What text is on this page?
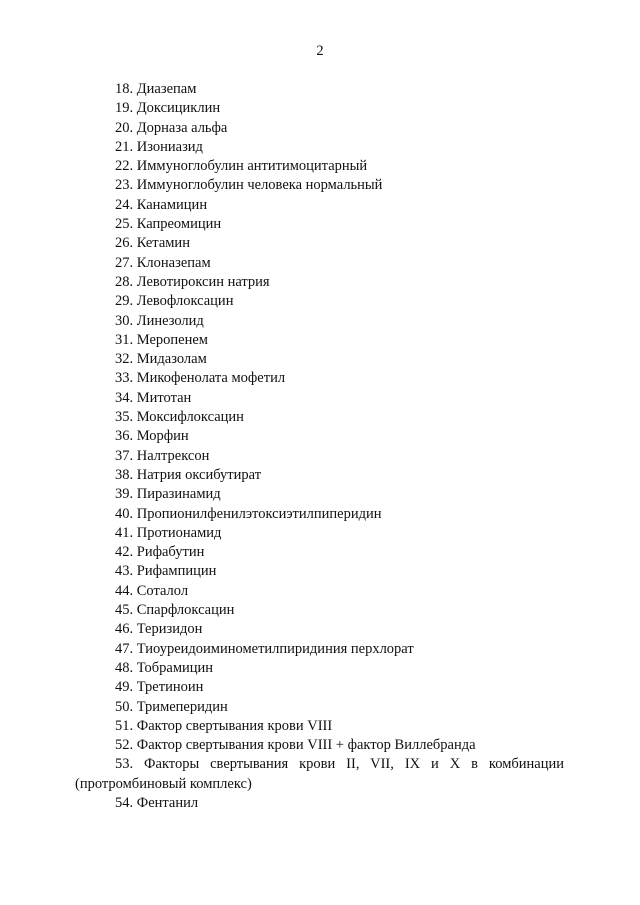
2
18. Диазепам
19. Доксициклин
20. Дорназа альфа
21. Изониазид
22. Иммуноглобулин антитимоцитарный
23. Иммуноглобулин человека нормальный
24. Канамицин
25. Капреомицин
26. Кетамин
27. Клоназепам
28. Левотироксин натрия
29. Левофлоксацин
30. Линезолид
31. Меропенем
32. Мидазолам
33. Микофенолата мофетил
34. Митотан
35. Моксифлоксацин
36. Морфин
37. Налтрексон
38. Натрия оксибутират
39. Пиразинамид
40. Пропионилфенилэтоксиэтилпиперидин
41. Протионамид
42. Рифабутин
43. Рифампицин
44. Соталол
45. Спарфлоксацин
46. Теризидон
47. Тиоуреидоиминометилпиридиния перхлорат
48. Тобрамицин
49. Третиноин
50. Тримеперидин
51. Фактор свертывания крови VIII
52. Фактор свертывания крови VIII + фактор Виллебранда
53. Факторы свертывания крови II, VII, IX и X в комбинации
(протромбиновый комплекс)
54. Фентанил
